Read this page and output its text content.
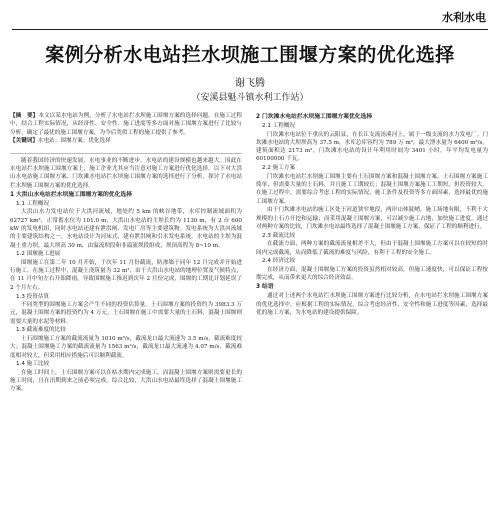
水利水电
案例分析水电站拦水坝施工围堰方案的优化选择
谢飞腾
（安溪县魁斗镇水利工作站）

【摘　要】本文以某水电站为例，分析了水电站拦水坝施工围堰方案的选择问题。在施工过程中，结合工程实际情况，从经济性、安全性、施工进度等多方面对施工围堰方案进行了比较与分析，确定了最优的施工围堰方案，为今后类似工程的施工提供了参考。

【关键词】水电站；围堰方案；优化选择

随着我国经济的快速发展，水电事业的不断进步，水电站的建设规模也越来越大。因此在水电站拦水坝施工围堰方案上，施工企业尤其应当注意对施工方案进行优化选择，以下对大洪山水电站施工围堰方案、门坎滩水电站拦水坝施工围堰方案的选择进行了分析，探讨了水电站拦水坝施工围堰方案的优化选择。

1 大洪山水电站拦水坝施工围堰方案的优化选择
1.1 工程概况

大洪山水力发电站位于大洪河流域，地处约 5 km 的峡谷地带，水库控制流域面积为 62727 km²，正常蓄水位为 101.0 m，大洪山水电站的主坝长约为 1130 m，有 2 台 600 kW 的发电机组，同时水电站还建有泄洪闸、发电厂房等主要建筑物。发电系统为大洪河流域的主要建筑结构之一，水电站设计为河床式，建有泄洪闸和引水发电系统。水电站的主坝为混凝土重力坝，最大坝高 30 m，由溢流坝段和非溢流坝段组成，坝顶高程为 8~10 m。

1.2 围堰施工进展

围堰施工在第二年 10 月开始，于次年 11 月份截流，防渗墙于同年 12 月完成并开始进行施工。在施工过程中，混凝土浇筑量为 32 m²，由于大洪山水电站的地理位置及气候特点，在 11 月中旬左右开始降雨，导致围堰施工推迟到次年 2 月份完成，围堰的工期比计划延误了 2 个月左右。

1.3 投资估算

不同类型的围堰施工方案会产生不同的投资估算量。土石围堰方案的投资约为 3983.3 万元，混凝土围堰方案的投资约为 4 万元。土石围堰在施工中需要大量的土石料，混凝土围堰则需要大量的水泥等材料。

1.3 截流难度的比较

土石围堰施工方案的截流流量为 1010 m³/s，截流龙口最大流速为 3.5 m/s，截流难度较大；混凝土围堰施工方案的截流流量为 1563 m³/s，截流龙口最大流速为 4.07 m/s，截流难度相对较大，但采用相应措施后可以顺利截流。

1.4 施工比较

在施工时间上，土石围堰方案可以在枯水期内完成施工，而混凝土围堰方案则需要更长的施工时间，且在汛期到来之前必须完成。综合比较，大洪山水电站最终选择了混凝土围堰施工方案。

2 门坎滩水电站拦水坝施工围堰方案优化选择
2.1 工程概况

门坎滩水电站位于重庆的云阳县，在长江支流汤溪河上，属于一级支流的水力发电厂。门坎滩水电站的大坝坝高为 37.5 m，水库总库容约为 789 万 m³，最大泄水量为 6400 m³/s。建筑面积达 2173 m²，门坎滩水电站的设计年利用时间为 3401 小时，年平均发电量为 60100000 千瓦。

2.2 施工方案

门坎滩水电站拦水坝施工围堰主要有土石围堰方案和混凝土围堰方案。土石围堰方案施工简单，但需要大量的土石料，并且施工工期较长；混凝土围堰方案施工工期短，但投资较大。在施工过程中，需要综合考虑工程的实际情况、施工条件及投资等多方面因素，选择最优的施工围堰方案。

由于门坎滩水电站的施工区处于河道狭窄地段，两岸山体陡峭，施工场地有限，不利于大规模的土石方开挖和运输；而采用混凝土围堰方案，可以减少施工占地，加快施工进度。通过对两种方案的比较，门坎滩水电站最终选择了混凝土围堰施工方案，保证了工程的顺利进行。

2.3 截流比较

在截流方面，两种方案的截流流量相差不大，但由于混凝土围堰施工方案可以在较短的时间内完成截流，从而降低了截流的难度与风险，有利于工程的安全施工。

2.4 经济比较

在经济方面，混凝土围堰施工方案的投资虽然相对较高，但施工速度快，可以保证工程按期完成，从而带来更大的综合经济效益。

3 结语

通过对上述两个水电站拦水坝施工围堰方案进行比较分析，在水电站拦水坝施工围堰方案的优化选择中，应根据工程的实际情况，综合考虑经济性、安全性和施工进度等因素，选择最优的施工方案，为水电站的建设提供保障。
